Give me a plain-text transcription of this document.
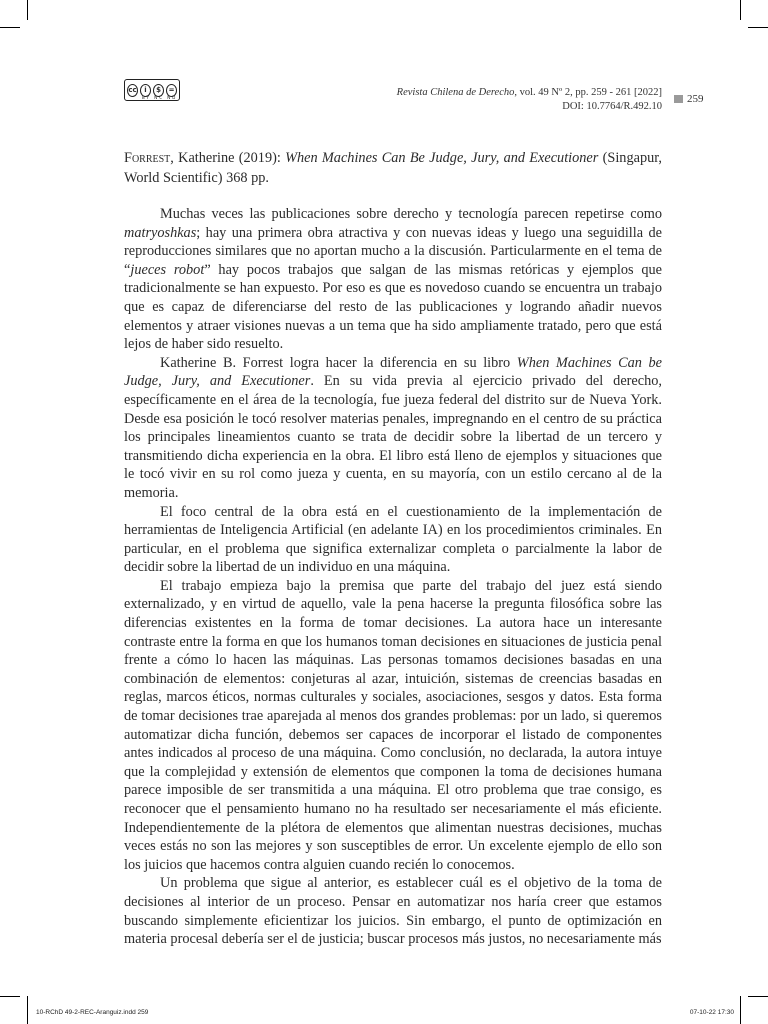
cc	i	$	=
BY NC ND	Revista Chilena de Derecho, vol. 49 Nº 2, pp. 259 - 261 [2022]
DOI: 10.7764/R.492.10
259
Forrest, Katherine (2019): When Machines Can Be Judge, Jury, and Executioner (Singapur, World Scientific) 368 pp.

Muchas veces las publicaciones sobre derecho y tecnología parecen repetirse como matryoshkas; hay una primera obra atractiva y con nuevas ideas y luego una seguidilla de reproducciones similares que no aportan mucho a la discusión. Particularmente en el tema de “jueces robot” hay pocos trabajos que salgan de las mismas retóricas y ejemplos que tradicionalmente se han expuesto. Por eso es que es novedoso cuando se encuentra un trabajo que es capaz de diferenciarse del resto de las publicaciones y logrando añadir nuevos elementos y atraer visiones nuevas a un tema que ha sido ampliamente tratado, pero que está lejos de haber sido resuelto.

Katherine B. Forrest logra hacer la diferencia en su libro When Machines Can be Judge, Jury, and Executioner. En su vida previa al ejercicio privado del derecho, específicamente en el área de la tecnología, fue jueza federal del distrito sur de Nueva York. Desde esa posición le tocó resolver materias penales, impregnando en el centro de su práctica los principales lineamientos cuanto se trata de decidir sobre la libertad de un tercero y transmitiendo dicha experiencia en la obra. El libro está lleno de ejemplos y situaciones que le tocó vivir en su rol como jueza y cuenta, en su mayoría, con un estilo cercano al de la memoria.

El foco central de la obra está en el cuestionamiento de la implementación de herramientas de Inteligencia Artificial (en adelante IA) en los procedimientos criminales. En particular, en el problema que significa externalizar completa o parcialmente la labor de decidir sobre la libertad de un individuo en una máquina.

El trabajo empieza bajo la premisa que parte del trabajo del juez está siendo externalizado, y en virtud de aquello, vale la pena hacerse la pregunta filosófica sobre las diferencias existentes en la forma de tomar decisiones. La autora hace un interesante contraste entre la forma en que los humanos toman decisiones en situaciones de justicia penal frente a cómo lo hacen las máquinas. Las personas tomamos decisiones basadas en una combinación de elementos: conjeturas al azar, intuición, sistemas de creencias basadas en reglas, marcos éticos, normas culturales y sociales, asociaciones, sesgos y datos. Esta forma de tomar decisiones trae aparejada al menos dos grandes problemas: por un lado, si queremos automatizar dicha función, debemos ser capaces de incorporar el listado de componentes antes indicados al proceso de una máquina. Como conclusión, no declarada, la autora intuye que la complejidad y extensión de elementos que componen la toma de decisiones humana parece imposible de ser transmitida a una máquina. El otro problema que trae consigo, es reconocer que el pensamiento humano no ha resultado ser necesariamente el más eficiente. Independientemente de la plétora de elementos que alimentan nuestras decisiones, muchas veces estás no son las mejores y son susceptibles de error. Un excelente ejemplo de ello son los juicios que hacemos contra alguien cuando recién lo conocemos.

Un problema que sigue al anterior, es establecer cuál es el objetivo de la toma de decisiones al interior de un proceso. Pensar en automatizar nos haría creer que estamos buscando simplemente eficientizar los juicios. Sin embargo, el punto de optimización en materia procesal debería ser el de justicia; buscar procesos más justos, no necesariamente más

10-RChD 49-2-REC-Aranguiz.indd 259	07-10-22 17:30
